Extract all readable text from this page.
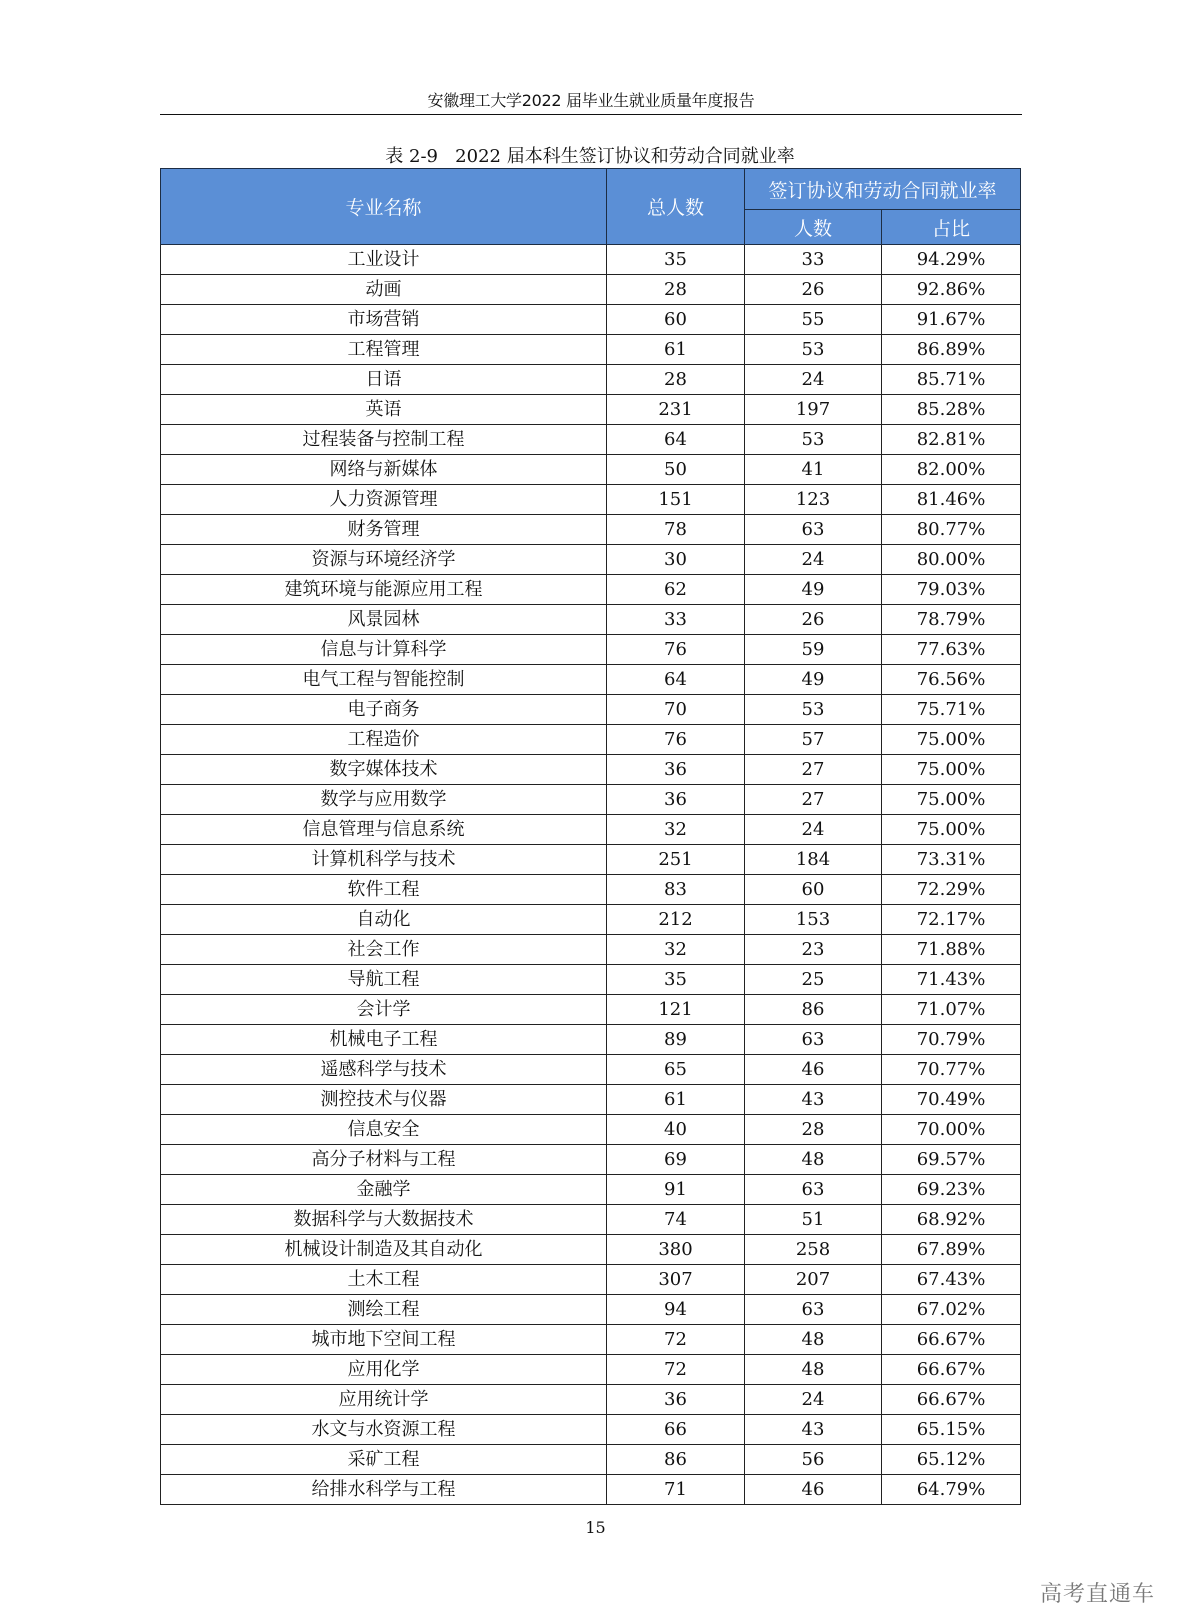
安徽理工大学2022 届毕业生就业质量年度报告
表 2-9   2022 届本科生签订协议和劳动合同就业率
专业名称	总人数	签订协议和劳动合同就业率	
		人数	占比
工业设计	35	33	94.29%
动画	28	26	92.86%
市场营销	60	55	91.67%
工程管理	61	53	86.89%
日语	28	24	85.71%
英语	231	197	85.28%
过程装备与控制工程	64	53	82.81%
网络与新媒体	50	41	82.00%
人力资源管理	151	123	81.46%
财务管理	78	63	80.77%
资源与环境经济学	30	24	80.00%
建筑环境与能源应用工程	62	49	79.03%
风景园林	33	26	78.79%
信息与计算科学	76	59	77.63%
电气工程与智能控制	64	49	76.56%
电子商务	70	53	75.71%
工程造价	76	57	75.00%
数字媒体技术	36	27	75.00%
数学与应用数学	36	27	75.00%
信息管理与信息系统	32	24	75.00%
计算机科学与技术	251	184	73.31%
软件工程	83	60	72.29%
自动化	212	153	72.17%
社会工作	32	23	71.88%
导航工程	35	25	71.43%
会计学	121	86	71.07%
机械电子工程	89	63	70.79%
遥感科学与技术	65	46	70.77%
测控技术与仪器	61	43	70.49%
信息安全	40	28	70.00%
高分子材料与工程	69	48	69.57%
金融学	91	63	69.23%
数据科学与大数据技术	74	51	68.92%
机械设计制造及其自动化	380	258	67.89%
土木工程	307	207	67.43%
测绘工程	94	63	67.02%
城市地下空间工程	72	48	66.67%
应用化学	72	48	66.67%
应用统计学	36	24	66.67%
水文与水资源工程	66	43	65.15%
采矿工程	86	56	65.12%
给排水科学与工程	71	46	64.79%
15
高考直通车
